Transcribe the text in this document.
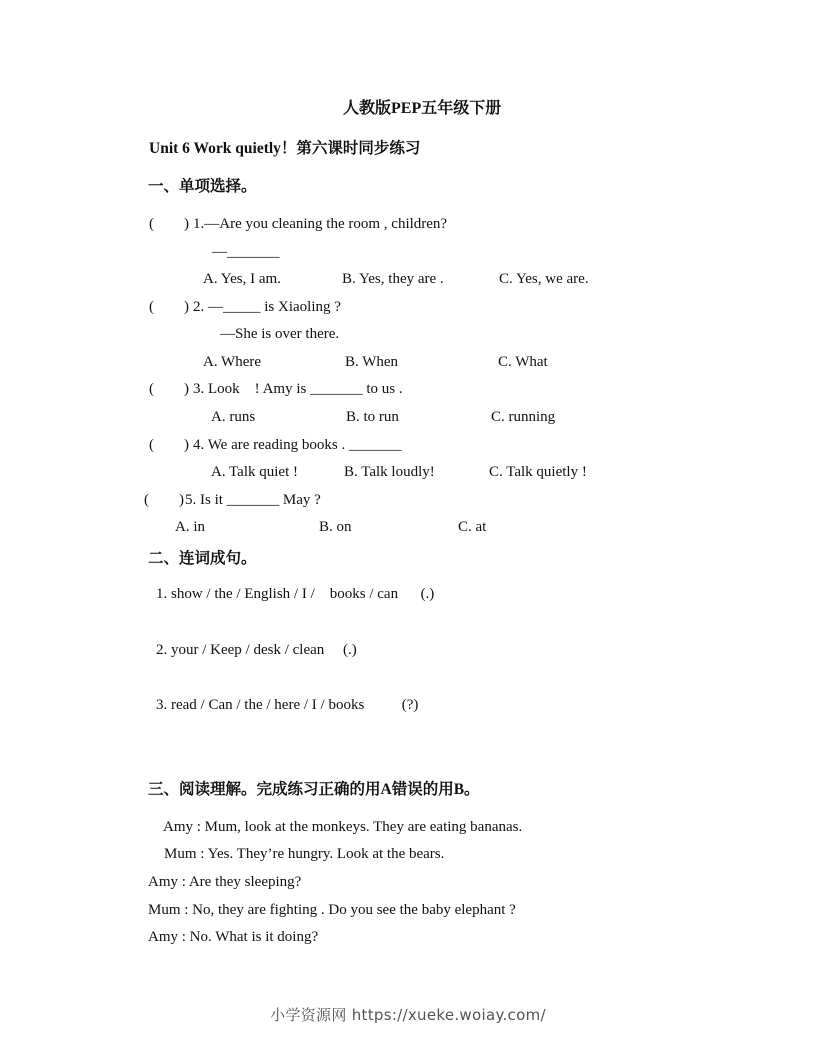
人教版PEP五年级下册
Unit 6 Work quietly！第六课时同步练习
一、单项选择。
(        ) 1.—Are you cleaning the room , children?
—_______
A. Yes, I am.	B. Yes, they are .	C. Yes, we are.
(        ) 2. —_____ is Xiaoling ?
—She is over there.
A. Where	B. When	C. What
(        ) 3. Look    ! Amy is _______ to us .
A. runs	B. to run	C. running
(        ) 4. We are reading books . _______
A. Talk quiet !	B. Talk loudly!	C. Talk quietly !
(        ) 5. Is it _______ May ?
A. in	B. on	C. at
二、连词成句。
1. show / the / English / I /    books / can      (.)
2. your / Keep / desk / clean     (.)
3. read / Can / the / here / I / books          (?)
三、阅读理解。完成练习正确的用A错误的用B。
Amy : Mum, look at the monkeys. They are eating bananas.
Mum : Yes. They’re hungry. Look at the bears.
Amy : Are they sleeping?
Mum : No, they are fighting . Do you see the baby elephant ?
Amy : No. What is it doing?
小学资源网 https://xueke.woiay.com/
